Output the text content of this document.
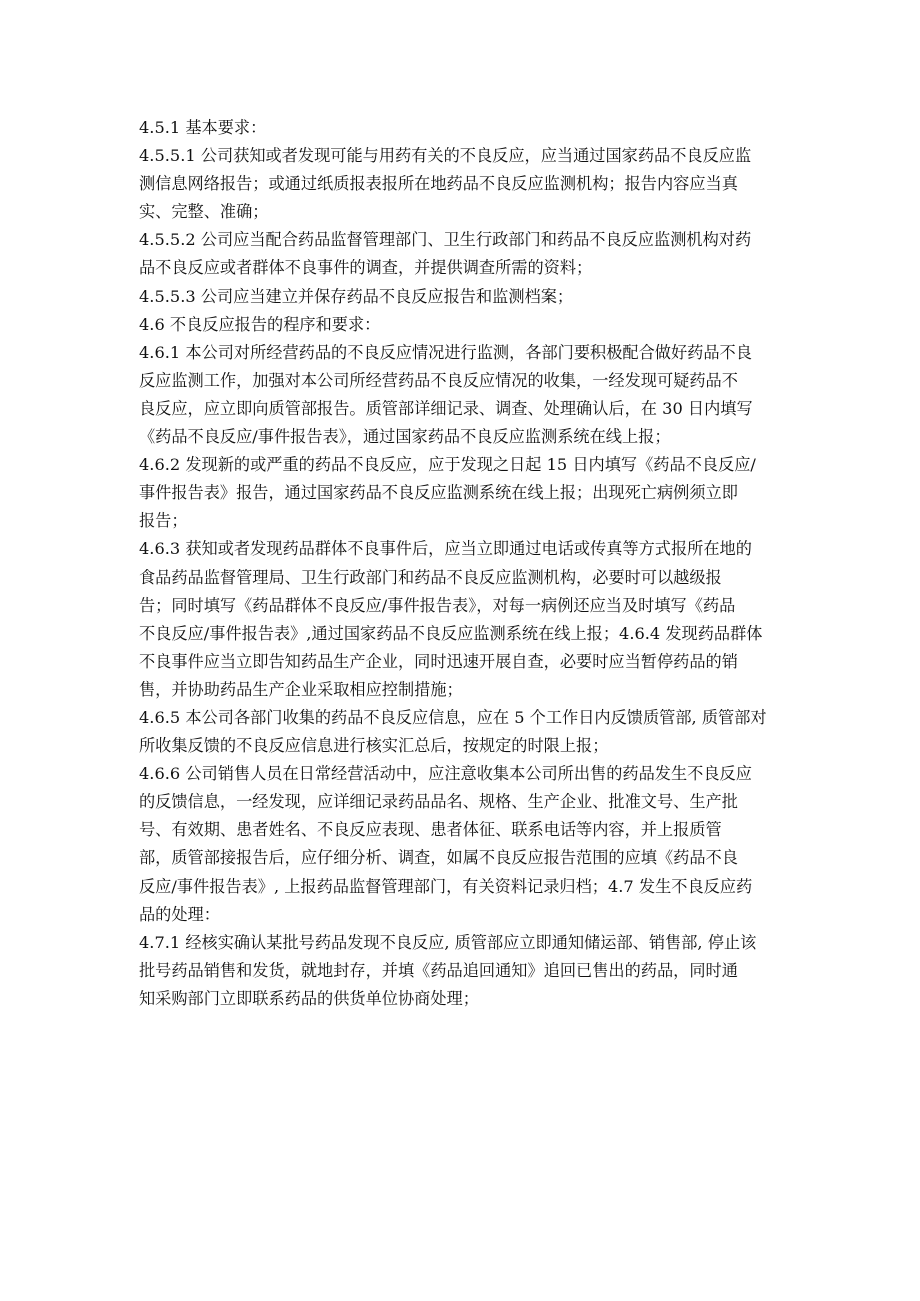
4.5.1 基本要求：
4.5.5.1 公司获知或者发现可能与用药有关的不良反应，应当通过国家药品不良反应监
测信息网络报告；或通过纸质报表报所在地药品不良反应监测机构；报告内容应当真
实、完整、准确；
4.5.5.2 公司应当配合药品监督管理部门、卫生行政部门和药品不良反应监测机构对药
品不良反应或者群体不良事件的调查，并提供调查所需的资料；
4.5.5.3 公司应当建立并保存药品不良反应报告和监测档案；
4.6 不良反应报告的程序和要求：
4.6.1 本公司对所经营药品的不良反应情况进行监测，各部门要积极配合做好药品不良
反应监测工作，加强对本公司所经营药品不良反应情况的收集，一经发现可疑药品不
良反应，应立即向质管部报告。质管部详细记录、调查、处理确认后，在 30 日内填写
《药品不良反应/事件报告表》，通过国家药品不良反应监测系统在线上报；
4.6.2 发现新的或严重的药品不良反应，应于发现之日起 15 日内填写《药品不良反应/
事件报告表》报告，通过国家药品不良反应监测系统在线上报；出现死亡病例须立即
报告；
4.6.3 获知或者发现药品群体不良事件后，应当立即通过电话或传真等方式报所在地的
食品药品监督管理局、卫生行政部门和药品不良反应监测机构，必要时可以越级报
告；同时填写《药品群体不良反应/事件报告表》，对每一病例还应当及时填写《药品
不良反应/事件报告表》,通过国家药品不良反应监测系统在线上报；4.6.4 发现药品群体
不良事件应当立即告知药品生产企业，同时迅速开展自查，必要时应当暂停药品的销
售，并协助药品生产企业采取相应控制措施；
4.6.5 本公司各部门收集的药品不良反应信息，应在 5 个工作日内反馈质管部, 质管部对
所收集反馈的不良反应信息进行核实汇总后，按规定的时限上报；
4.6.6 公司销售人员在日常经营活动中，应注意收集本公司所出售的药品发生不良反应
的反馈信息，一经发现，应详细记录药品品名、规格、生产企业、批准文号、生产批
号、有效期、患者姓名、不良反应表现、患者体征、联系电话等内容，并上报质管
部，质管部接报告后，应仔细分析、调查，如属不良反应报告范围的应填《药品不良
反应/事件报告表》, 上报药品监督管理部门，有关资料记录归档；4.7 发生不良反应药
品的处理：
4.7.1 经核实确认某批号药品发现不良反应, 质管部应立即通知储运部、销售部, 停止该
批号药品销售和发货，就地封存，并填《药品追回通知》追回已售出的药品，同时通
知采购部门立即联系药品的供货单位协商处理；
